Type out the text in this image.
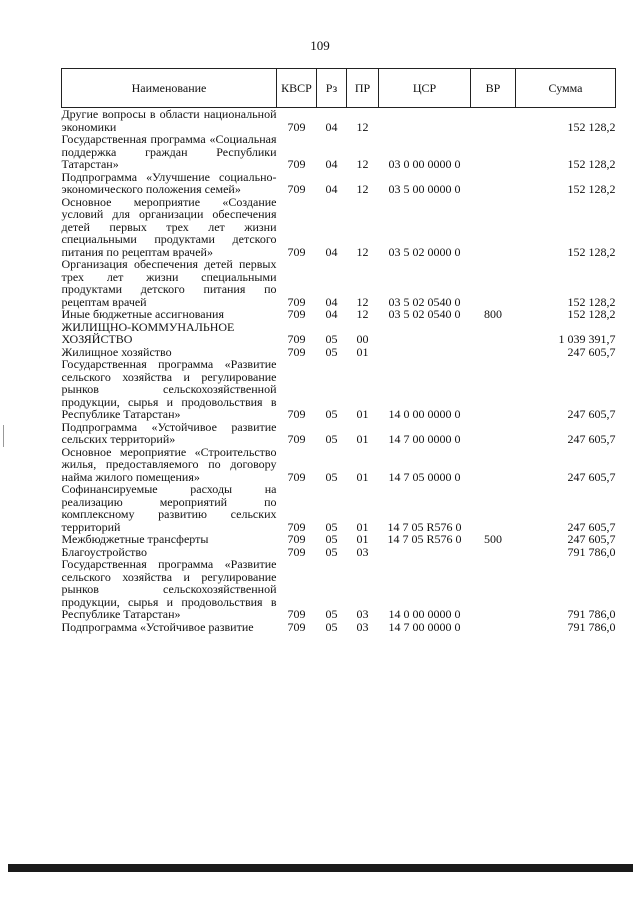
109
Наименование	КВСР	Рз	ПР	ЦСР	ВР	Сумма
Другие вопросы в области национальной экономики	709	04	12			152 128,2
Государственная программа «Социальная поддержка граждан Республики Татарстан»	709	04	12	03 0 00 0000 0		152 128,2
Подпрограмма «Улучшение социально-экономического положения семей»	709	04	12	03 5 00 0000 0		152 128,2
Основное мероприятие «Создание условий для организации обеспечения детей первых трех лет жизни специальными продуктами детского питания по рецептам врачей»	709	04	12	03 5 02 0000 0		152 128,2
Организация обеспечения детей первых трех лет жизни специальными продуктами детского питания по рецептам врачей	709	04	12	03 5 02 0540 0		152 128,2
Иные бюджетные ассигнования	709	04	12	03 5 02 0540 0	800	152 128,2
ЖИЛИЩНО-КОММУНАЛЬНОЕ ХОЗЯЙСТВО	709	05	00			1 039 391,7
Жилищное хозяйство	709	05	01			247 605,7
Государственная программа «Развитие сельского хозяйства и регулирование рынков сельскохозяйственной продукции, сырья и продовольствия в Республике Татарстан»	709	05	01	14 0 00 0000 0		247 605,7
Подпрограмма «Устойчивое развитие сельских территорий»	709	05	01	14 7 00 0000 0		247 605,7
Основное мероприятие «Строительство жилья, предоставляемого по договору найма жилого помещения»	709	05	01	14 7 05 0000 0		247 605,7
Софинансируемые расходы на реализацию мероприятий по комплексному развитию сельских территорий	709	05	01	14 7 05 R576 0		247 605,7
Межбюджетные трансферты	709	05	01	14 7 05 R576 0	500	247 605,7
Благоустройство	709	05	03			791 786,0
Государственная программа «Развитие сельского хозяйства и регулирование рынков сельскохозяйственной продукции, сырья и продовольствия в Республике Татарстан»	709	05	03	14 0 00 0000 0		791 786,0
Подпрограмма «Устойчивое развитие	709	05	03	14 7 00 0000 0		791 786,0
